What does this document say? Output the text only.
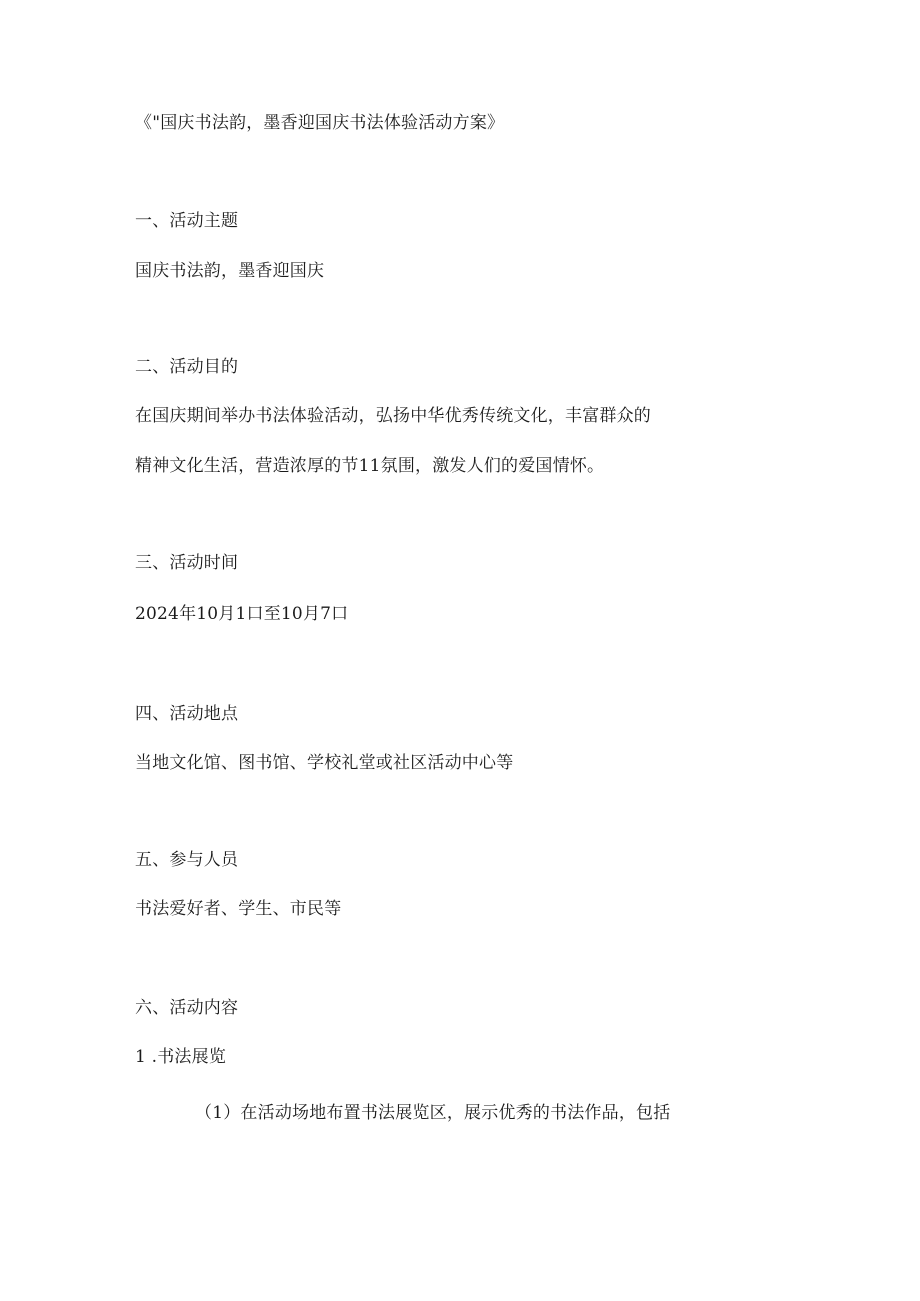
《"国庆书法韵，墨香迎国庆书法体验活动方案》
一、活动主题
国庆书法韵，墨香迎国庆
二、活动目的
在国庆期间举办书法体验活动，弘扬中华优秀传统文化，丰富群众的
精神文化生活，营造浓厚的节11氛围，激发人们的爱国情怀。
三、活动时间
2024年10月1口至10月7口
四、活动地点
当地文化馆、图书馆、学校礼堂或社区活动中心等
五、参与人员
书法爱好者、学生、市民等
六、活动内容
1 .书法展览
（1）在活动场地布置书法展览区，展示优秀的书法作品，包括
